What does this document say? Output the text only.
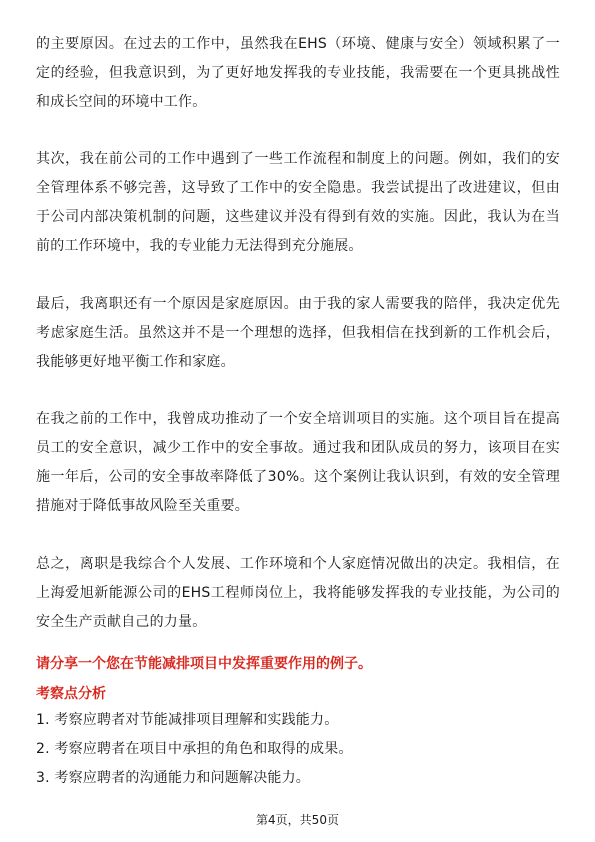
的主要原因。在过去的工作中，虽然我在EHS（环境、健康与安全）领域积累了一定的经验，但我意识到，为了更好地发挥我的专业技能，我需要在一个更具挑战性和成长空间的环境中工作。

其次，我在前公司的工作中遇到了一些工作流程和制度上的问题。例如，我们的安全管理体系不够完善，这导致了工作中的安全隐患。我尝试提出了改进建议，但由于公司内部决策机制的问题，这些建议并没有得到有效的实施。因此，我认为在当前的工作环境中，我的专业能力无法得到充分施展。

最后，我离职还有一个原因是家庭原因。由于我的家人需要我的陪伴，我决定优先考虑家庭生活。虽然这并不是一个理想的选择，但我相信在找到新的工作机会后，我能够更好地平衡工作和家庭。

在我之前的工作中，我曾成功推动了一个安全培训项目的实施。这个项目旨在提高员工的安全意识，减少工作中的安全事故。通过我和团队成员的努力，该项目在实施一年后，公司的安全事故率降低了30%。这个案例让我认识到，有效的安全管理措施对于降低事故风险至关重要。

总之，离职是我综合个人发展、工作环境和个人家庭情况做出的决定。我相信，在上海爱旭新能源公司的EHS工程师岗位上，我将能够发挥我的专业技能，为公司的安全生产贡献自己的力量。

请分享一个您在节能减排项目中发挥重要作用的例子。

考察点分析

1. 考察应聘者对节能减排项目理解和实践能力。
2. 考察应聘者在项目中承担的角色和取得的成果。
3. 考察应聘者的沟通能力和问题解决能力。
第4页，共50页
